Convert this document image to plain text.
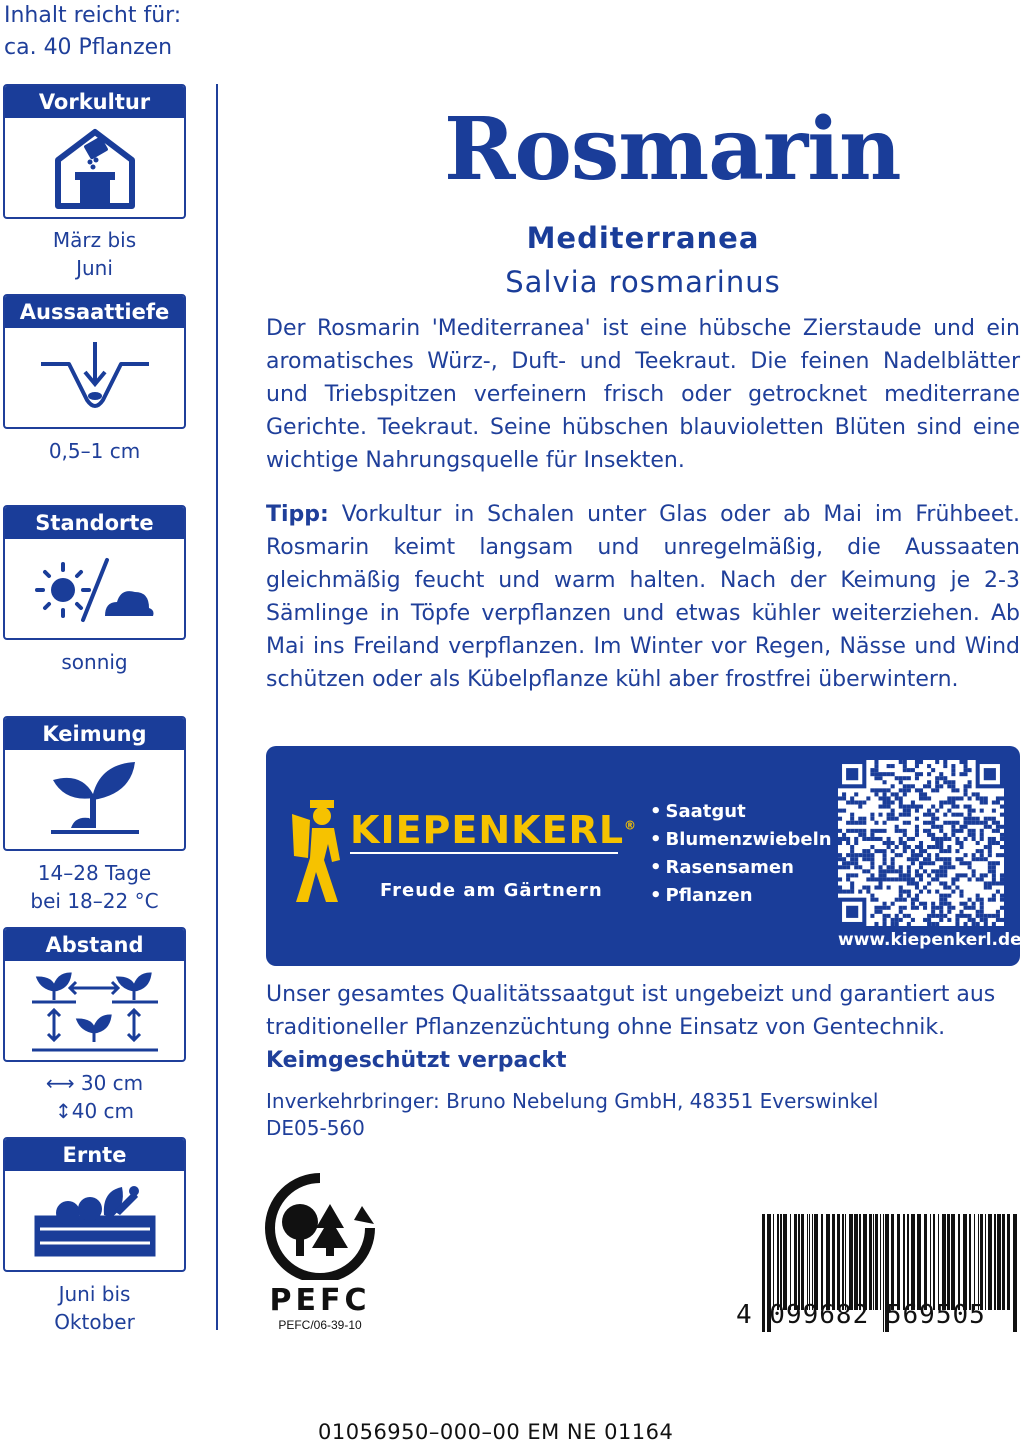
Inhalt reicht für:
ca. 40 Pflanzen
Vorkultur
März bis
Juni
Aussaattiefe
0,5–1 cm
Standorte
sonnig
Keimung
14–28 Tage
bei 18–22 °C
Abstand
⟷ 30 cm
↕40 cm
Ernte
Juni bis
Oktober
Rosmarin
Mediterranea
Salvia rosmarinus

Der Rosmarin 'Mediterranea' ist eine hübsche Zierstaude und ein aromatisches Würz-, Duft- und Teekraut. Die feinen Nadelblätter und Triebspitzen verfeinern frisch oder getrocknet mediterrane Gerichte. Teekraut. Seine hübschen blauvioletten Blüten sind eine wichtige Nahrungsquelle für Insekten.

Tipp: Vorkultur in Schalen unter Glas oder ab Mai im Frühbeet. Rosmarin keimt langsam und unregelmäßig, die Aussaaten gleichmäßig feucht und warm halten. Nach der Keimung je 2-3 Sämlinge in Töpfe verpflanzen und etwas kühler weiterziehen. Ab Mai ins Freiland verpflanzen. Im Winter vor Regen, Nässe und Wind schützen oder als Kübelpflanze kühl aber frostfrei überwintern.

KIEPENKERL®
Freude am Gärtnern
• Saatgut
• Blumenzwiebeln
• Rasensamen
• Pflanzen
www.kiepenkerl.de
Unser gesamtes Qualitätssaatgut ist ungebeizt und garantiert aus traditioneller Pflanzenzüchtung ohne Einsatz von Gentechnik.
Keimgeschützt verpackt
Inverkehrbringer: Bruno Nebelung GmbH, 48351 Everswinkel
DE05-560
PEFC
PEFC/06-39-10	4 099682 569505
01056950–000–00 EM NE 01164
